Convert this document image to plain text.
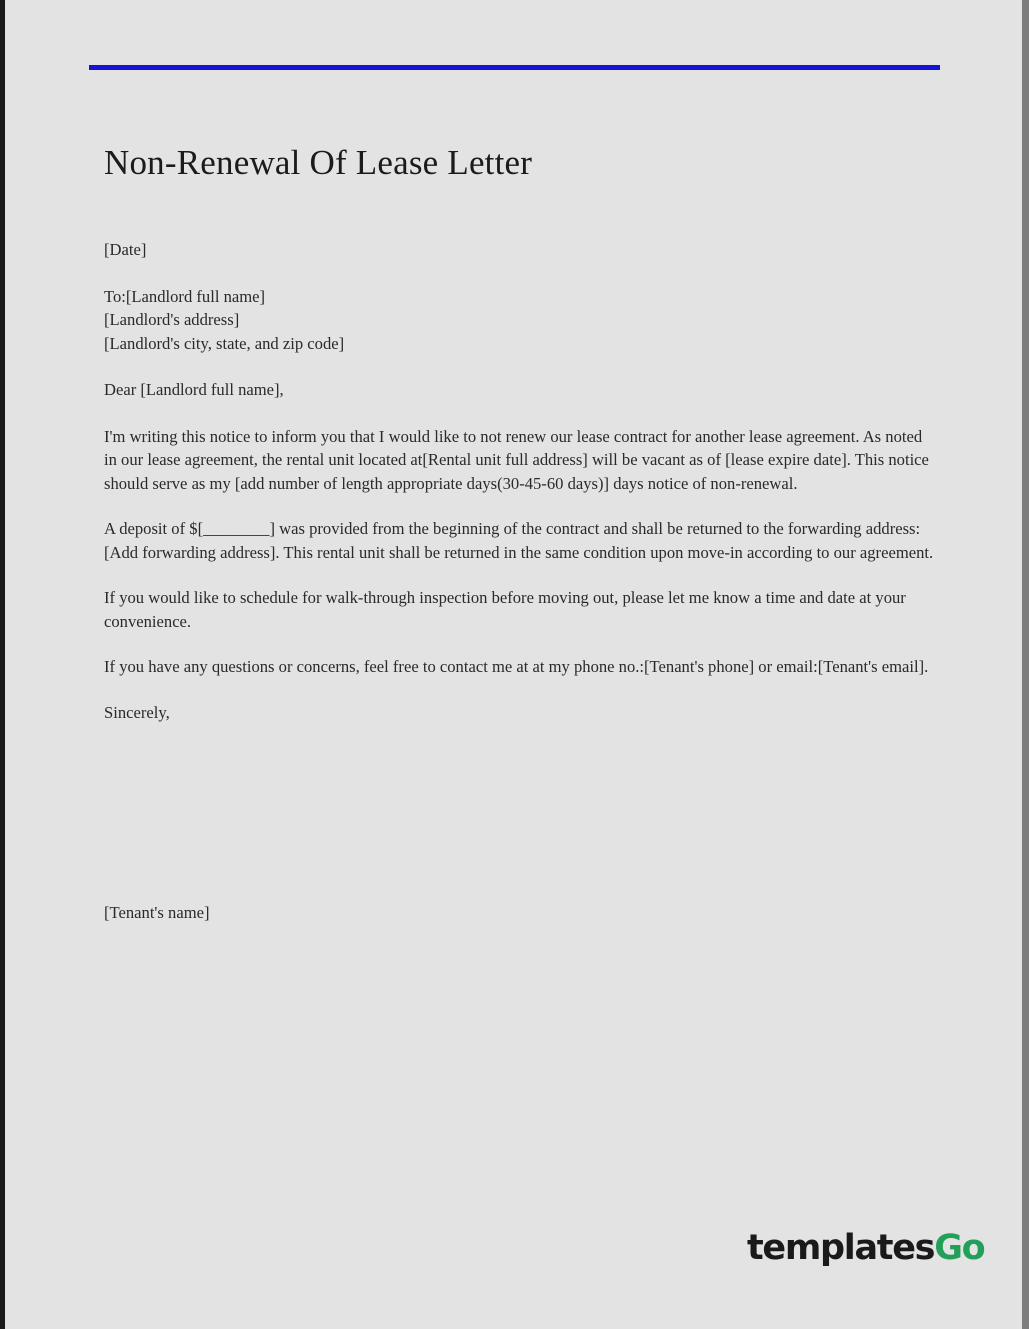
Non-Renewal Of Lease Letter

[Date]

To:[Landlord full name]
[Landlord's address]
[Landlord's city, state, and zip code]

Dear [Landlord full name],

I'm writing this notice to inform you that I would like to not renew our lease contract for another lease agreement. As noted in our lease agreement, the rental unit located at[Rental unit full address] will be vacant as of [lease expire date]. This notice should serve as my [add number of length appropriate days(30-45-60 days)] days notice of non-renewal.

A deposit of $[________] was provided from the beginning of the contract and shall be returned to the forwarding address:[Add forwarding address]. This rental unit shall be returned in the same condition upon move-in according to our agreement.

If you would like to schedule for walk-through inspection before moving out, please let me know a time and date at your convenience.

If you have any questions or concerns, feel free to contact me at at my phone no.:[Tenant's phone] or email:[Tenant's email].

Sincerely,

[Tenant's name]
templatesGo
